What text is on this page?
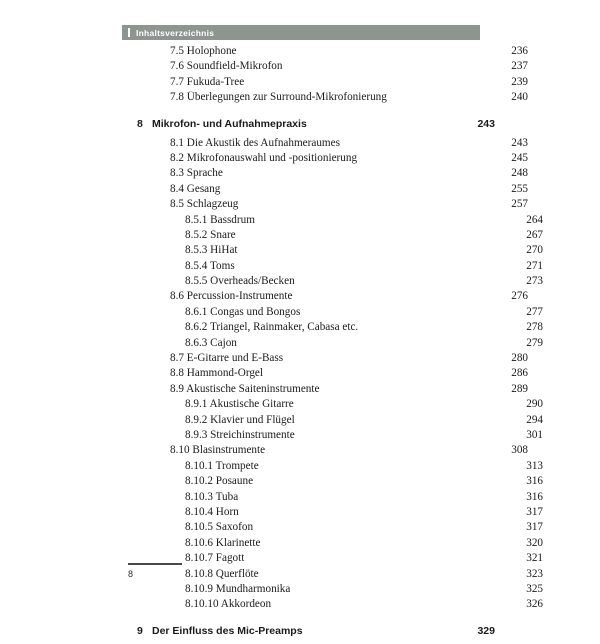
Inhaltsverzeichnis
7.5 Holophone	236
7.6 Soundfield-Mikrofon	237
7.7 Fukuda-Tree	239
7.8 Überlegungen zur Surround-Mikrofonierung	240
8 Mikrofon- und Aufnahmepraxis	243
8.1 Die Akustik des Aufnahmeraumes	243
8.2 Mikrofonauswahl und -positionierung	245
8.3 Sprache	248
8.4 Gesang	255
8.5 Schlagzeug	257
8.5.1 Bassdrum	264
8.5.2 Snare	267
8.5.3 HiHat	270
8.5.4 Toms	271
8.5.5 Overheads/Becken	273
8.6 Percussion-Instrumente	276
8.6.1 Congas und Bongos	277
8.6.2 Triangel, Rainmaker, Cabasa etc.	278
8.6.3 Cajon	279
8.7 E-Gitarre und E-Bass	280
8.8 Hammond-Orgel	286
8.9 Akustische Saiteninstrumente	289
8.9.1 Akustische Gitarre	290
8.9.2 Klavier und Flügel	294
8.9.3 Streichinstrumente	301
8.10 Blasinstrumente	308
8.10.1 Trompete	313
8.10.2 Posaune	316
8.10.3 Tuba	316
8.10.4 Horn	317
8.10.5 Saxofon	317
8.10.6 Klarinette	320
8.10.7 Fagott	321
8.10.8 Querflöte	323
8.10.9 Mundharmonika	325
8.10.10 Akkordeon	326
9 Der Einfluss des Mic-Preamps	329
8
